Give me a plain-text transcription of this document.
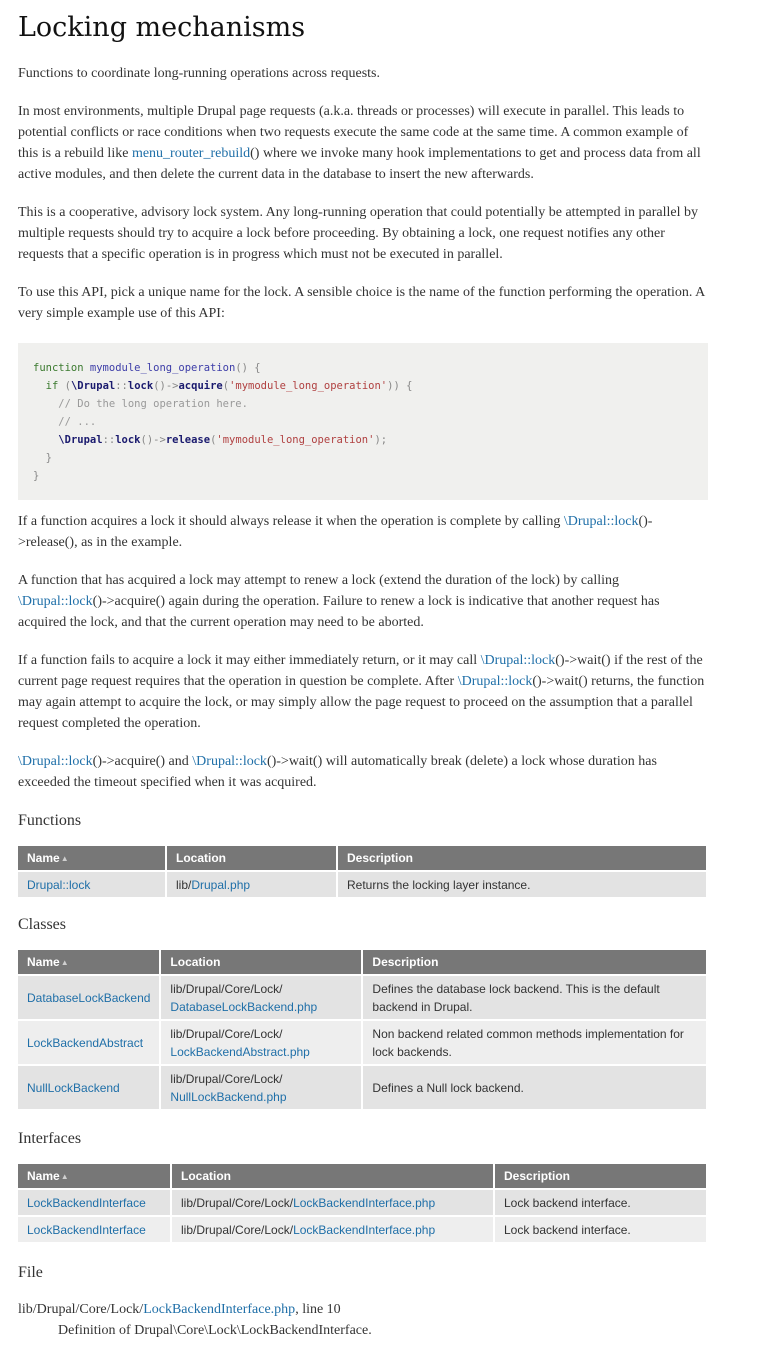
Locking mechanisms

Functions to coordinate long-running operations across requests.

In most environments, multiple Drupal page requests (a.k.a. threads or processes) will execute in parallel. This leads to potential conflicts or race conditions when two requests execute the same code at the same time. A common example of this is a rebuild like menu_router_rebuild() where we invoke many hook implementations to get and process data from all active modules, and then delete the current data in the database to insert the new afterwards.

This is a cooperative, advisory lock system. Any long-running operation that could potentially be attempted in parallel by multiple requests should try to acquire a lock before proceeding. By obtaining a lock, one request notifies any other requests that a specific operation is in progress which must not be executed in parallel.

To use this API, pick a unique name for the lock. A sensible choice is the name of the function performing the operation. A very simple example use of this API:

function mymodule_long_operation() {
if (\Drupal::lock()->acquire('mymodule_long_operation')) {
// Do the long operation here.
// ...
\Drupal::lock()->release('mymodule_long_operation');
}
}

If a function acquires a lock it should always release it when the operation is complete by calling \Drupal::lock()->release(), as in the example.

A function that has acquired a lock may attempt to renew a lock (extend the duration of the lock) by calling \Drupal::lock()->acquire() again during the operation. Failure to renew a lock is indicative that another request has acquired the lock, and that the current operation may need to be aborted.

If a function fails to acquire a lock it may either immediately return, or it may call \Drupal::lock()->wait() if the rest of the current page request requires that the operation in question be complete. After \Drupal::lock()->wait() returns, the function may again attempt to acquire the lock, or may simply allow the page request to proceed on the assumption that a parallel request completed the operation.

\Drupal::lock()->acquire() and \Drupal::lock()->wait() will automatically break (delete) a lock whose duration has exceeded the timeout specified when it was acquired.

Functions
Name▲	Location	Description
Drupal::lock	lib/Drupal.php	Returns the locking layer instance.
Classes
Name▲	Location	Description
DatabaseLockBackend	lib/Drupal/Core/Lock/
DatabaseLockBackend.php	Defines the database lock backend. This is the default backend in Drupal.
LockBackendAbstract	lib/Drupal/Core/Lock/
LockBackendAbstract.php	Non backend related common methods implementation for lock backends.
NullLockBackend	lib/Drupal/Core/Lock/
NullLockBackend.php	Defines a Null lock backend.
Interfaces
Name▲	Location	Description
LockBackendInterface	lib/Drupal/Core/Lock/LockBackendInterface.php	Lock backend interface.
LockBackendInterface	lib/Drupal/Core/Lock/LockBackendInterface.php	Lock backend interface.
File
lib/Drupal/Core/Lock/LockBackendInterface.php, line 10
Definition of Drupal\Core\Lock\LockBackendInterface.
